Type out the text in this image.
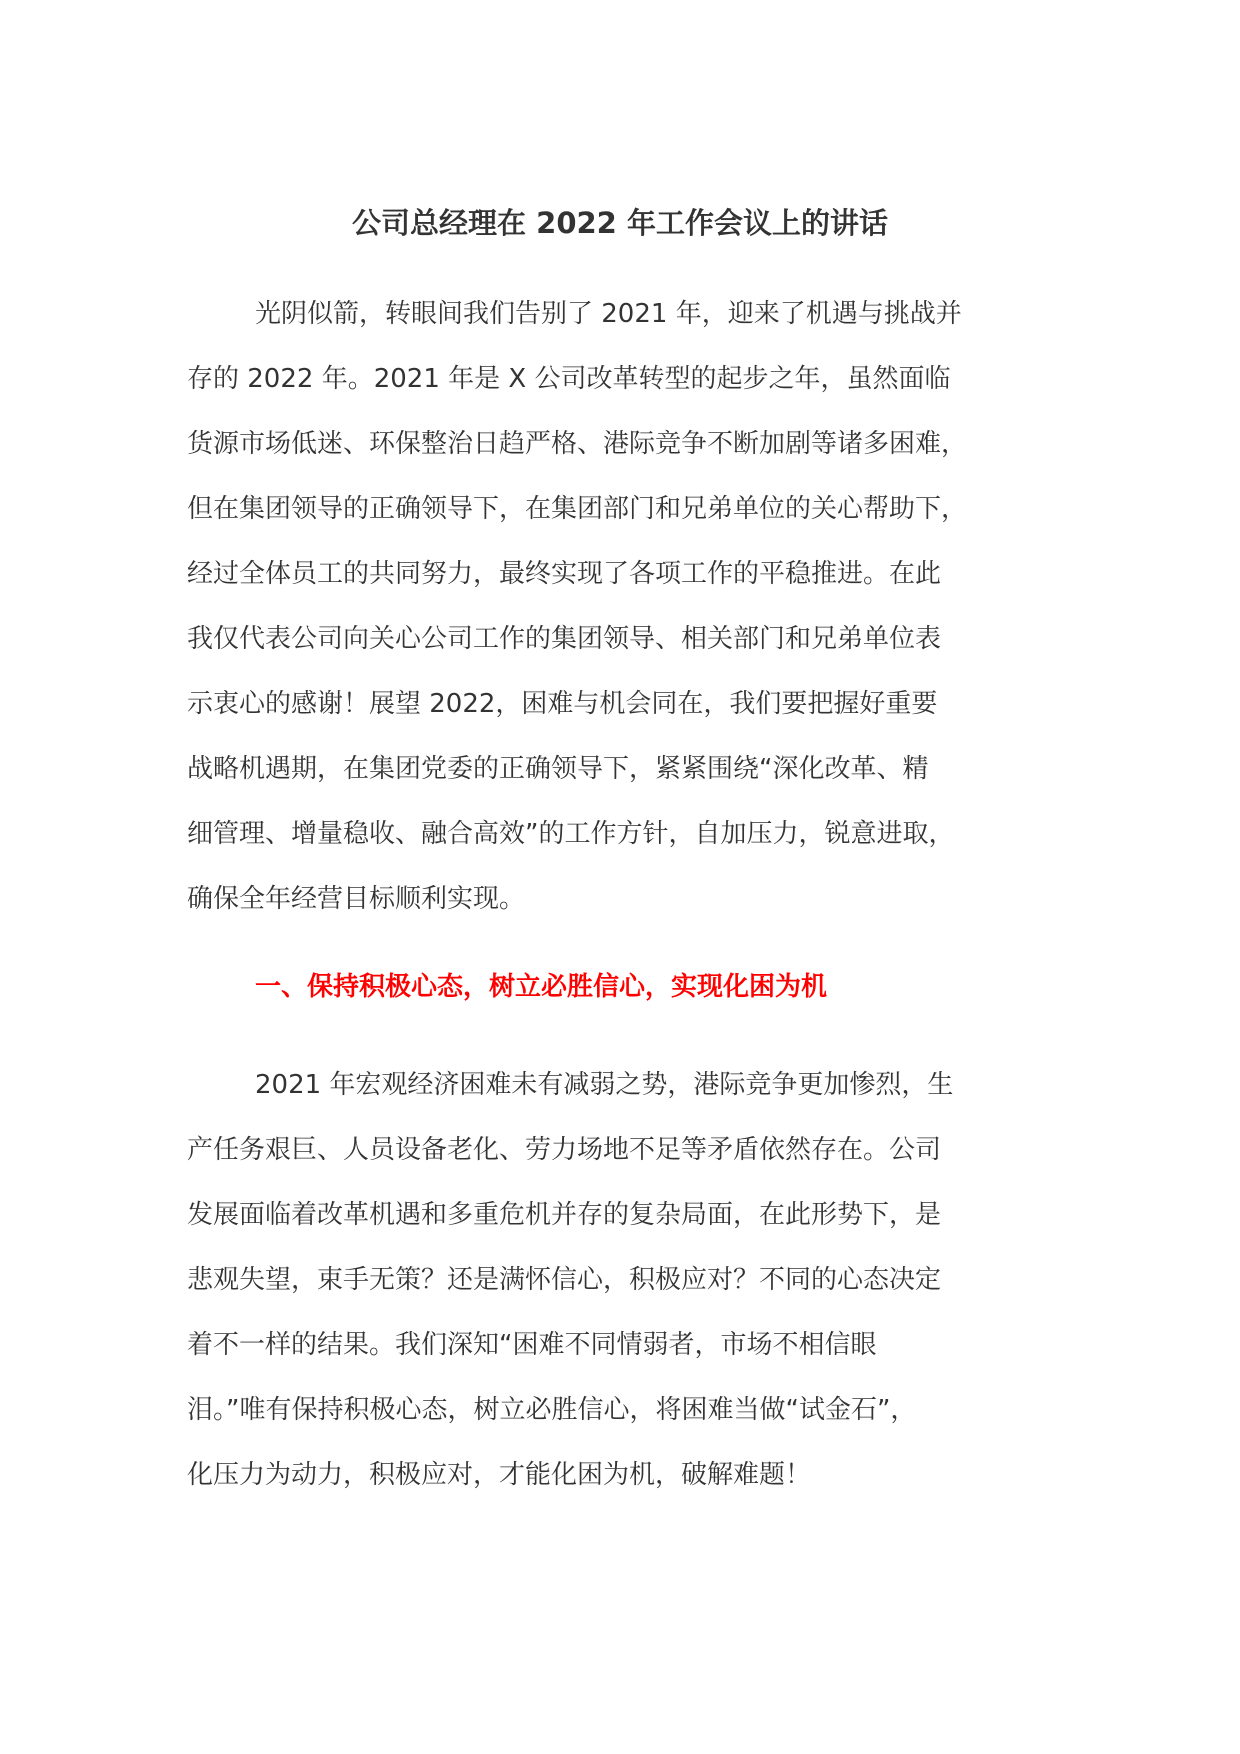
公司总经理在 2022 年工作会议上的讲话

光阴似箭，转眼间我们告别了 2021 年，迎来了机遇与挑战并
存的 2022 年。2021 年是 X 公司改革转型的起步之年，虽然面临
货源市场低迷、环保整治日趋严格、港际竞争不断加剧等诸多困难，
但在集团领导的正确领导下，在集团部门和兄弟单位的关心帮助下，
经过全体员工的共同努力，最终实现了各项工作的平稳推进。在此
我仅代表公司向关心公司工作的集团领导、相关部门和兄弟单位表
示衷心的感谢！展望 2022，困难与机会同在，我们要把握好重要
战略机遇期，在集团党委的正确领导下，紧紧围绕“深化改革、精
细管理、增量稳收、融合高效”的工作方针，自加压力，锐意进取，
确保全年经营目标顺利实现。

一、保持积极心态，树立必胜信心，实现化困为机

2021 年宏观经济困难未有减弱之势，港际竞争更加惨烈，生
产任务艰巨、人员设备老化、劳力场地不足等矛盾依然存在。公司
发展面临着改革机遇和多重危机并存的复杂局面，在此形势下，是
悲观失望，束手无策？还是满怀信心，积极应对？不同的心态决定
着不一样的结果。我们深知“困难不同情弱者，市场不相信眼
泪。”唯有保持积极心态，树立必胜信心，将困难当做“试金石”，
化压力为动力，积极应对，才能化困为机，破解难题！
